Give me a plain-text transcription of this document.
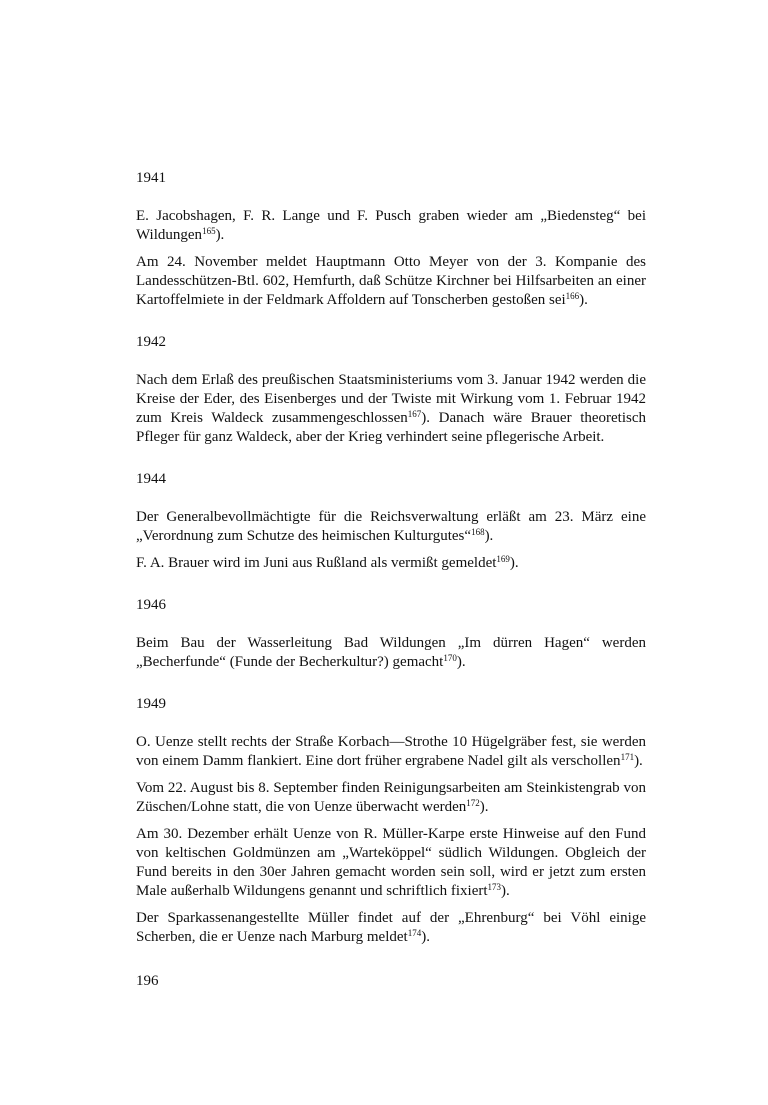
1941

E. Jacobshagen, F. R. Lange und F. Pusch graben wieder am „Biedensteg“ bei Wildungen$^{165}$).

Am 24. November meldet Hauptmann Otto Meyer von der 3. Kompanie des Landesschützen-Btl. 602, Hemfurth, daß Schütze Kirchner bei Hilfsarbeiten an einer Kartoffelmiete in der Feldmark Affoldern auf Tonscherben gestoßen sei$^{166}$).

1942

Nach dem Erlaß des preußischen Staatsministeriums vom 3. Januar 1942 werden die Kreise der Eder, des Eisenberges und der Twiste mit Wirkung vom 1. Februar 1942 zum Kreis Waldeck zusammengeschlossen$^{167}$). Danach wäre Brauer theoretisch Pfleger für ganz Waldeck, aber der Krieg verhindert seine pflegerische Arbeit.

1944

Der Generalbevollmächtigte für die Reichsverwaltung erläßt am 23. März eine „Verordnung zum Schutze des heimischen Kulturgutes“$^{168}$).

F. A. Brauer wird im Juni aus Rußland als vermißt gemeldet$^{169}$).

1946

Beim Bau der Wasserleitung Bad Wildungen „Im dürren Hagen“ werden „Becherfunde“ (Funde der Becherkultur?) gemacht$^{170}$).

1949

O. Uenze stellt rechts der Straße Korbach—Strothe 10 Hügelgräber fest, sie werden von einem Damm flankiert. Eine dort früher ergrabene Nadel gilt als verschollen$^{171}$).

Vom 22. August bis 8. September finden Reinigungsarbeiten am Steinkistengrab von Züschen/Lohne statt, die von Uenze überwacht werden$^{172}$).

Am 30. Dezember erhält Uenze von R. Müller-Karpe erste Hinweise auf den Fund von keltischen Goldmünzen am „Warteköppel“ südlich Wildungen. Obgleich der Fund bereits in den 30er Jahren gemacht worden sein soll, wird er jetzt zum ersten Male außerhalb Wildungens genannt und schriftlich fixiert$^{173}$).

Der Sparkassenangestellte Müller findet auf der „Ehrenburg“ bei Vöhl einige Scherben, die er Uenze nach Marburg meldet$^{174}$).

196
